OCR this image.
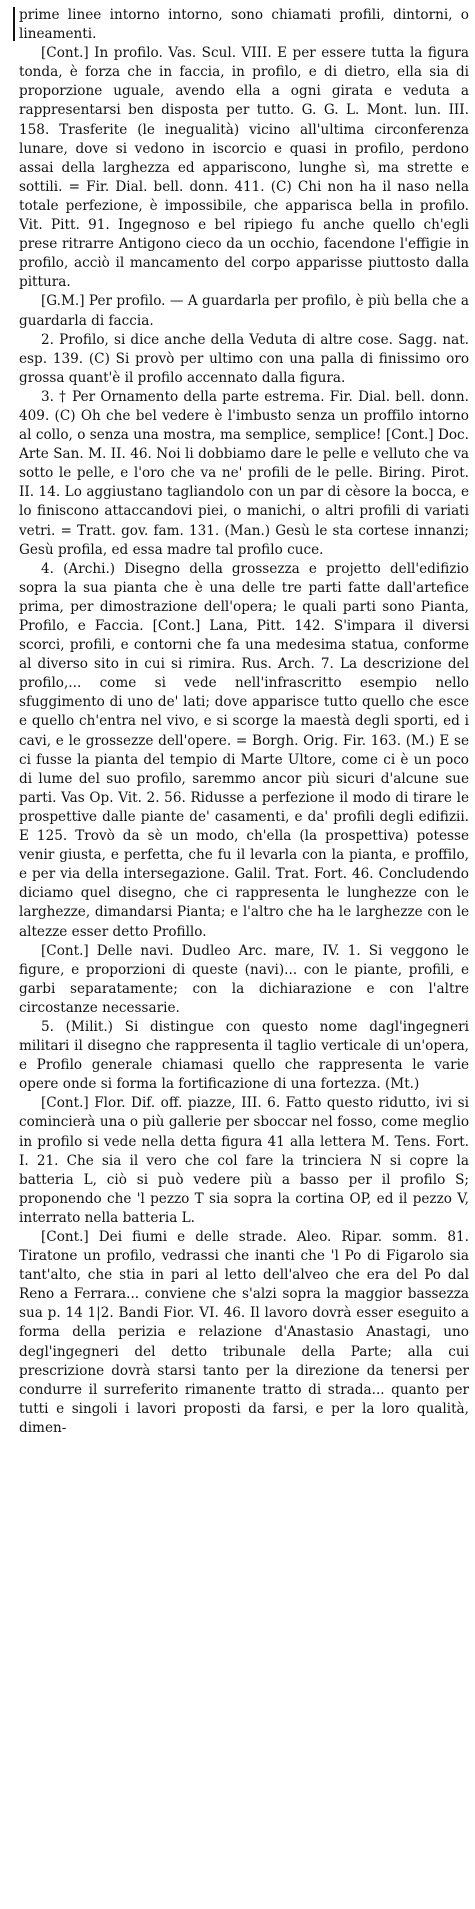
prime linee intorno intorno, sono chiamati profili, dintorni, o lineamenti.

[Cont.] In profilo. Vas. Scul. VIII. E per essere tutta la figura tonda, è forza che in faccia, in profilo, e di dietro, ella sia di proporzione uguale, avendo ella a ogni girata e veduta a rappresentarsi ben disposta per tutto. G. G. L. Mont. lun. III. 158. Trasferite (le inegualità) vicino all'ultima circonferenza lunare, dove si vedono in iscorcio e quasi in profilo, perdono assai della larghezza ed appariscono, lunghe sì, ma strette e sottili. = Fir. Dial. bell. donn. 411. (C) Chi non ha il naso nella totale perfezione, è impossibile, che apparisca bella in profilo. Vit. Pitt. 91. Ingegnoso e bel ripiego fu anche quello ch'egli prese ritrarre Antigono cieco da un occhio, facendone l'effigie in profilo, acciò il mancamento del corpo apparisse piuttosto dalla pittura.

[G.M.] Per profilo. — A guardarla per profilo, è più bella che a guardarla di faccia.

2. Profilo, si dice anche della Veduta di altre cose. Sagg. nat. esp. 139. (C) Si provò per ultimo con una palla di finissimo oro grossa quant'è il profilo accennato dalla figura.

3. † Per Ornamento della parte estrema. Fir. Dial. bell. donn. 409. (C) Oh che bel vedere è l'imbusto senza un proffilo intorno al collo, o senza una mostra, ma semplice, semplice! [Cont.] Doc. Arte San. M. II. 46. Noi li dobbiamo dare le pelle e velluto che va sotto le pelle, e l'oro che va ne' profili de le pelle. Biring. Pirot. II. 14. Lo aggiustano tagliandolo con un par di cèsore la bocca, e lo finiscono attaccandovi piei, o manichi, o altri profili di variati vetri. = Tratt. gov. fam. 131. (Man.) Gesù le sta cortese innanzi; Gesù profila, ed essa madre tal profilo cuce.

4. (Archi.) Disegno della grossezza e projetto dell'edifizio sopra la sua pianta che è una delle tre parti fatte dall'artefice prima, per dimostrazione dell'opera; le quali parti sono Pianta, Profilo, e Faccia. [Cont.] Lana, Pitt. 142. S'impara il diversi scorci, profili, e contorni che fa una medesima statua, conforme al diverso sito in cui si rimira. Rus. Arch. 7. La descrizione del profilo,... come si vede nell'infrascritto esempio nello sfuggimento di uno de' lati; dove apparisce tutto quello che esce e quello ch'entra nel vivo, e si scorge la maestà degli sporti, ed i cavi, e le grossezze dell'opere. = Borgh. Orig. Fir. 163. (M.) E se ci fusse la pianta del tempio di Marte Ultore, come ci è un poco di lume del suo profilo, saremmo ancor più sicuri d'alcune sue parti. Vas Op. Vit. 2. 56. Ridusse a perfezione il modo di tirare le prospettive dalle piante de' casamenti, e da' profili degli edifizii. E 125. Trovò da sè un modo, ch'ella (la prospettiva) potesse venir giusta, e perfetta, che fu il levarla con la pianta, e proffilo, e per via della intersegazione. Galil. Trat. Fort. 46. Concludendo diciamo quel disegno, che ci rappresenta le lunghezze con le larghezze, dimandarsi Pianta; e l'altro che ha le larghezze con le altezze esser detto Profillo.

[Cont.] Delle navi. Dudleo Arc. mare, IV. 1. Si veggono le figure, e proporzioni di queste (navi)... con le piante, profili, e garbi separatamente; con la dichiarazione e con l'altre circostanze necessarie.

5. (Milit.) Si distingue con questo nome dagl'ingegneri militari il disegno che rappresenta il taglio verticale di un'opera, e Profilo generale chiamasi quello che rappresenta le varie opere onde si forma la fortificazione di una fortezza. (Mt.)

[Cont.] Flor. Dif. off. piazze, III. 6. Fatto questo ridutto, ivi si comincierà una o più gallerie per sboccar nel fosso, come meglio in profilo si vede nella detta figura 41 alla lettera M. Tens. Fort. I. 21. Che sia il vero che col fare la trinciera N si copre la batteria L, ciò si può vedere più a basso per il profilo S; proponendo che 'l pezzo T sia sopra la cortina OP, ed il pezzo V, interrato nella batteria L.

[Cont.] Dei fiumi e delle strade. Aleo. Ripar. somm. 81. Tiratone un profilo, vedrassi che inanti che 'l Po di Figarolo sia tant'alto, che stia in pari al letto dell'alveo che era del Po dal Reno a Ferrara... conviene che s'alzi sopra la maggior bassezza sua p. 14 1|2. Bandi Fior. VI. 46. Il lavoro dovrà esser eseguito a forma della perizia e relazione d'Anastasio Anastagi, uno degl'ingegneri del detto tribunale della Parte; alla cui prescrizione dovrà starsi tanto per la direzione da tenersi per condurre il surreferito rimanente tratto di strada... quanto per tutti e singoli i lavori proposti da farsi, e per la loro qualità, dimen-
